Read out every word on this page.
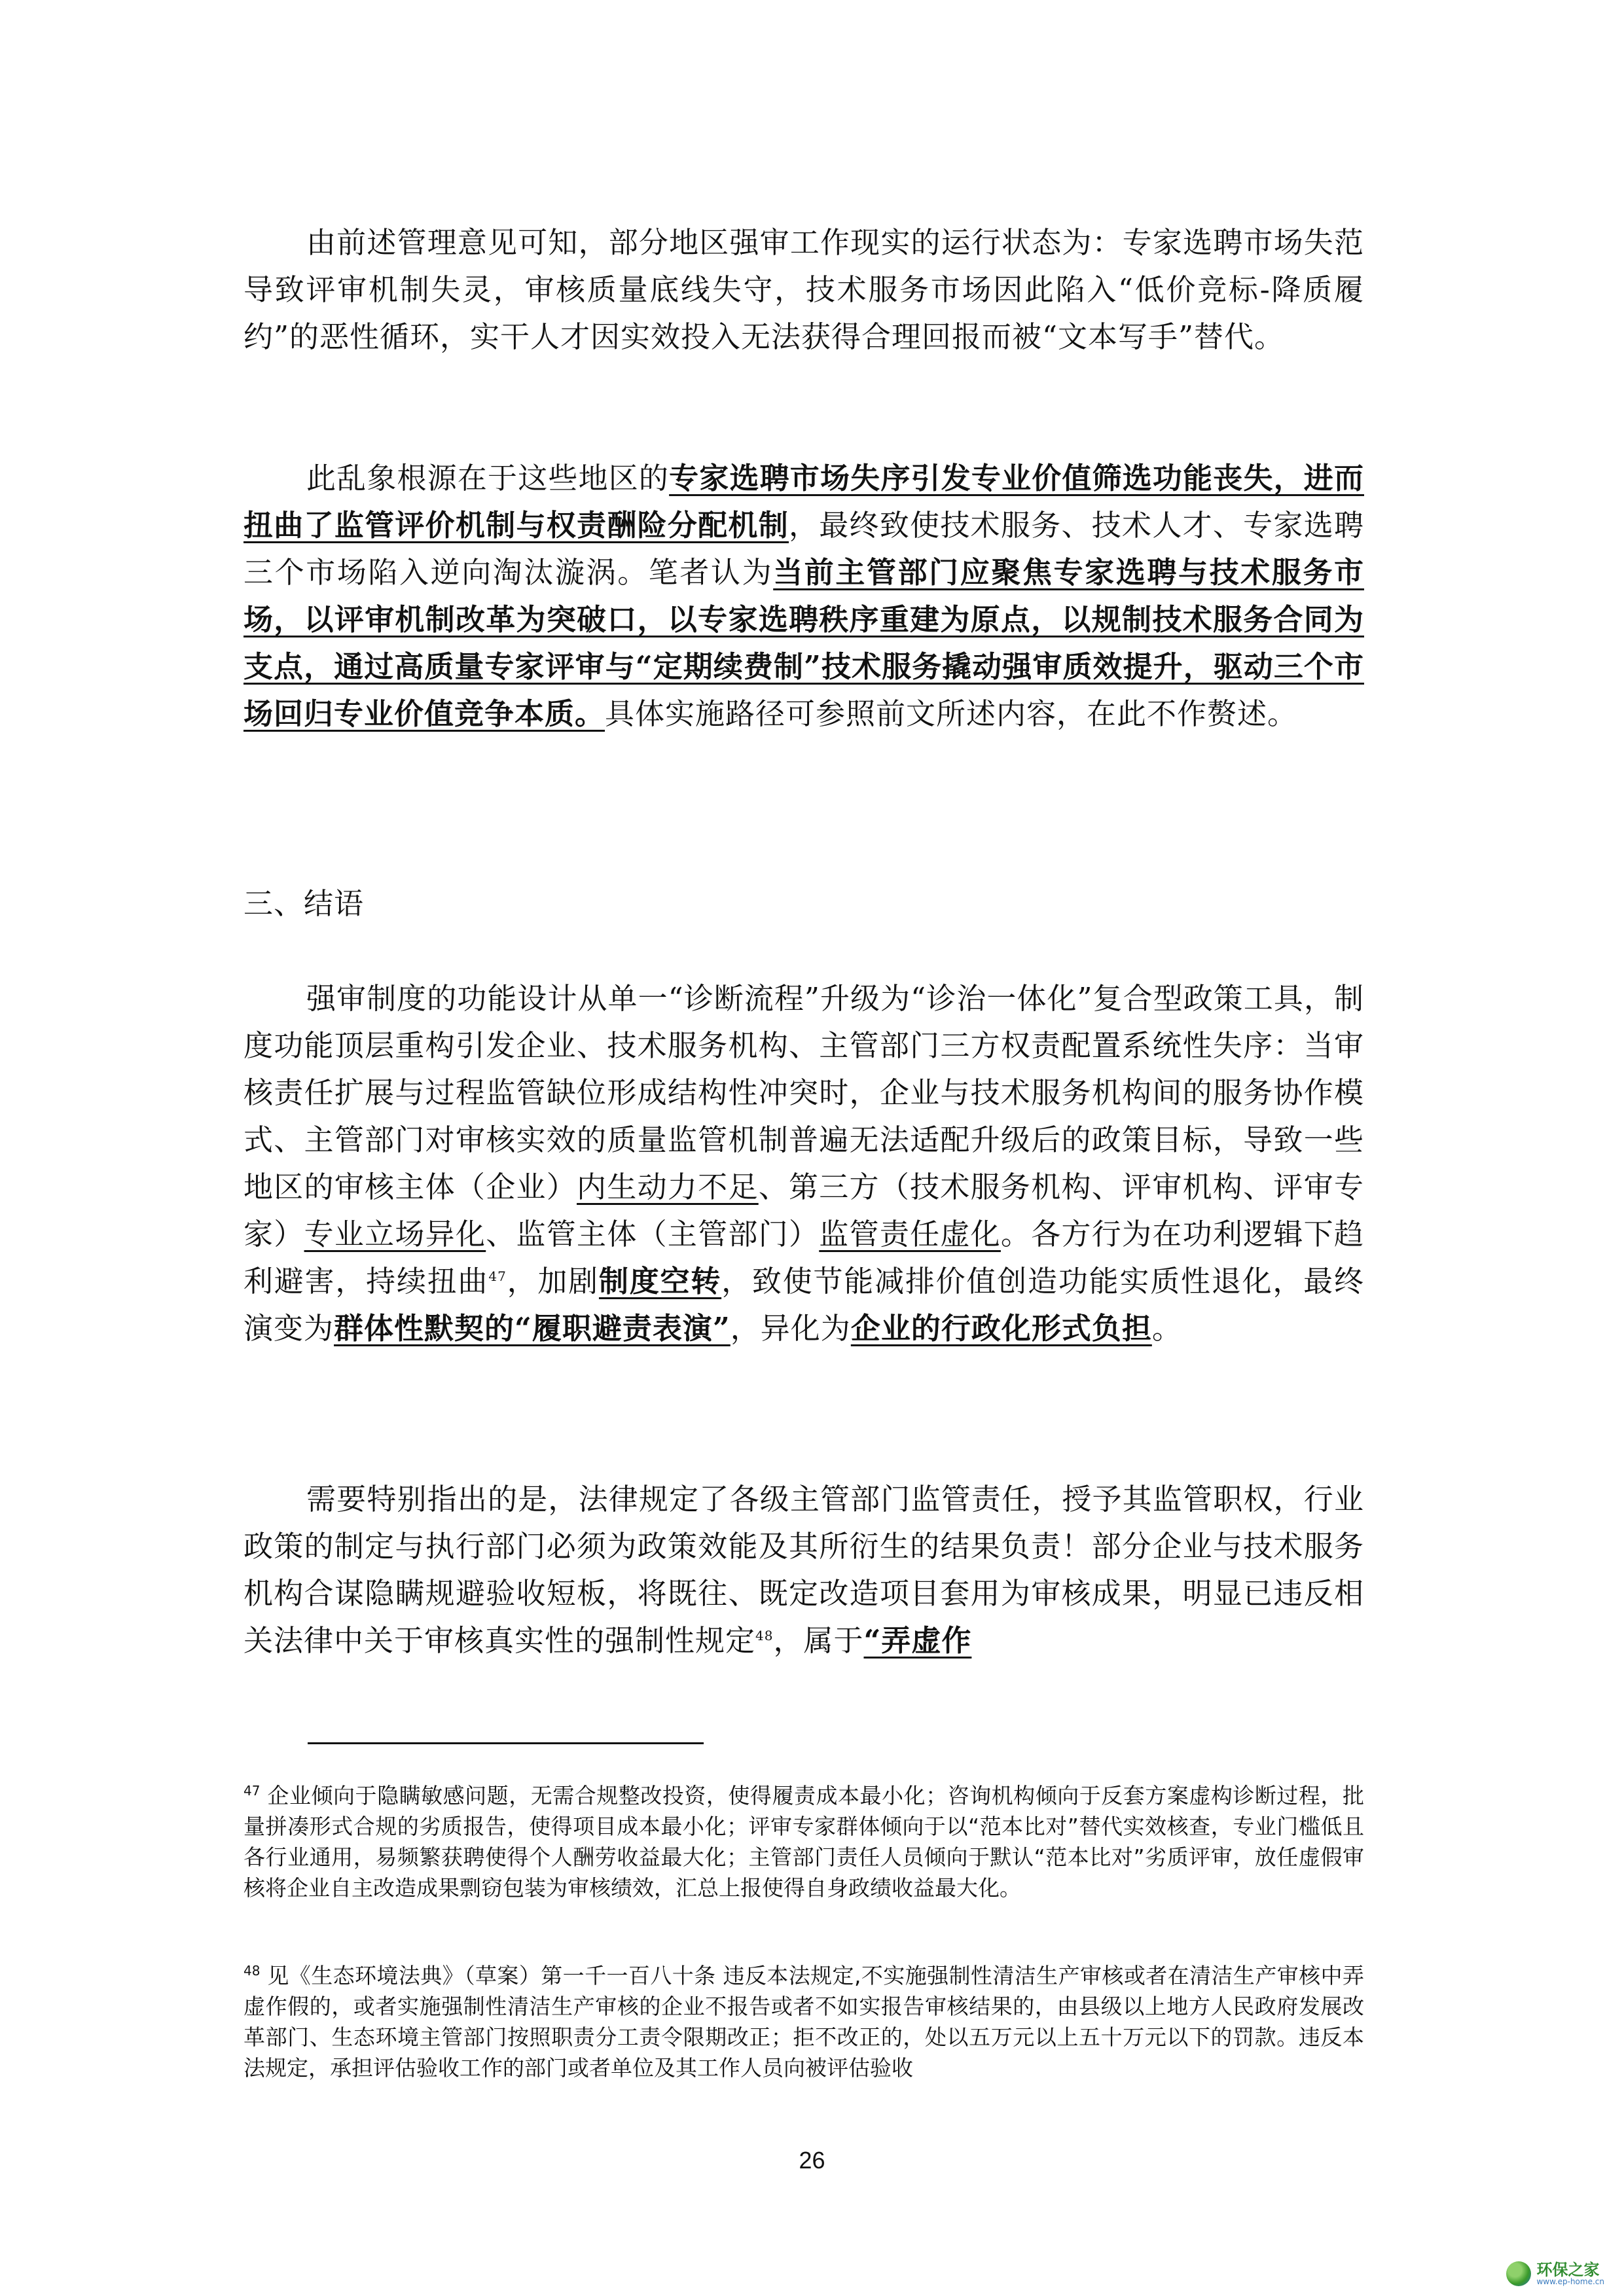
由前述管理意见可知，部分地区强审工作现实的运行状态为：专家选聘市场失范导致评审机制失灵，审核质量底线失守，技术服务市场因此陷入“低价竞标-降质履约”的恶性循环，实干人才因实效投入无法获得合理回报而被“文本写手”替代。

此乱象根源在于这些地区的专家选聘市场失序引发专业价值筛选功能丧失，进而扭曲了监管评价机制与权责酬险分配机制，最终致使技术服务、技术人才、专家选聘三个市场陷入逆向淘汰漩涡。笔者认为当前主管部门应聚焦专家选聘与技术服务市场，以评审机制改革为突破口，以专家选聘秩序重建为原点，以规制技术服务合同为支点，通过高质量专家评审与“定期续费制”技术服务撬动强审质效提升，驱动三个市场回归专业价值竞争本质。具体实施路径可参照前文所述内容，在此不作赘述。

三、结语

强审制度的功能设计从单一“诊断流程”升级为“诊治一体化”复合型政策工具，制度功能顶层重构引发企业、技术服务机构、主管部门三方权责配置系统性失序：当审核责任扩展与过程监管缺位形成结构性冲突时，企业与技术服务机构间的服务协作模式、主管部门对审核实效的质量监管机制普遍无法适配升级后的政策目标，导致一些地区的审核主体（企业）内生动力不足、第三方（技术服务机构、评审机构、评审专家）专业立场异化、监管主体（主管部门）监管责任虚化。各方行为在功利逻辑下趋利避害，持续扭曲$^{47}$，加剧制度空转，致使节能减排价值创造功能实质性退化，最终演变为群体性默契的“履职避责表演”，异化为企业的行政化形式负担。

需要特别指出的是，法律规定了各级主管部门监管责任，授予其监管职权，行业政策的制定与执行部门必须为政策效能及其所衍生的结果负责！部分企业与技术服务机构合谋隐瞒规避验收短板，将既往、既定改造项目套用为审核成果，明显已违反相关法律中关于审核真实性的强制性规定$^{48}$，属于“弄虚作

$^{47}$ 企业倾向于隐瞒敏感问题，无需合规整改投资，使得履责成本最小化；咨询机构倾向于反套方案虚构诊断过程，批量拼凑形式合规的劣质报告，使得项目成本最小化；评审专家群体倾向于以“范本比对”替代实效核查，专业门槛低且各行业通用，易频繁获聘使得个人酬劳收益最大化；主管部门责任人员倾向于默认“范本比对”劣质评审，放任虚假审核将企业自主改造成果剽窃包装为审核绩效，汇总上报使得自身政绩收益最大化。

$^{48}$ 见《生态环境法典》（草案）第一千一百八十条 违反本法规定,不实施强制性清洁生产审核或者在清洁生产审核中弄虚作假的，或者实施强制性清洁生产审核的企业不报告或者不如实报告审核结果的，由县级以上地方人民政府发展改革部门、生态环境主管部门按照职责分工责令限期改正；拒不改正的，处以五万元以上五十万元以下的罚款。违反本法规定，承担评估验收工作的部门或者单位及其工作人员向被评估验收

26
环保之家
www.ep-home.cn
